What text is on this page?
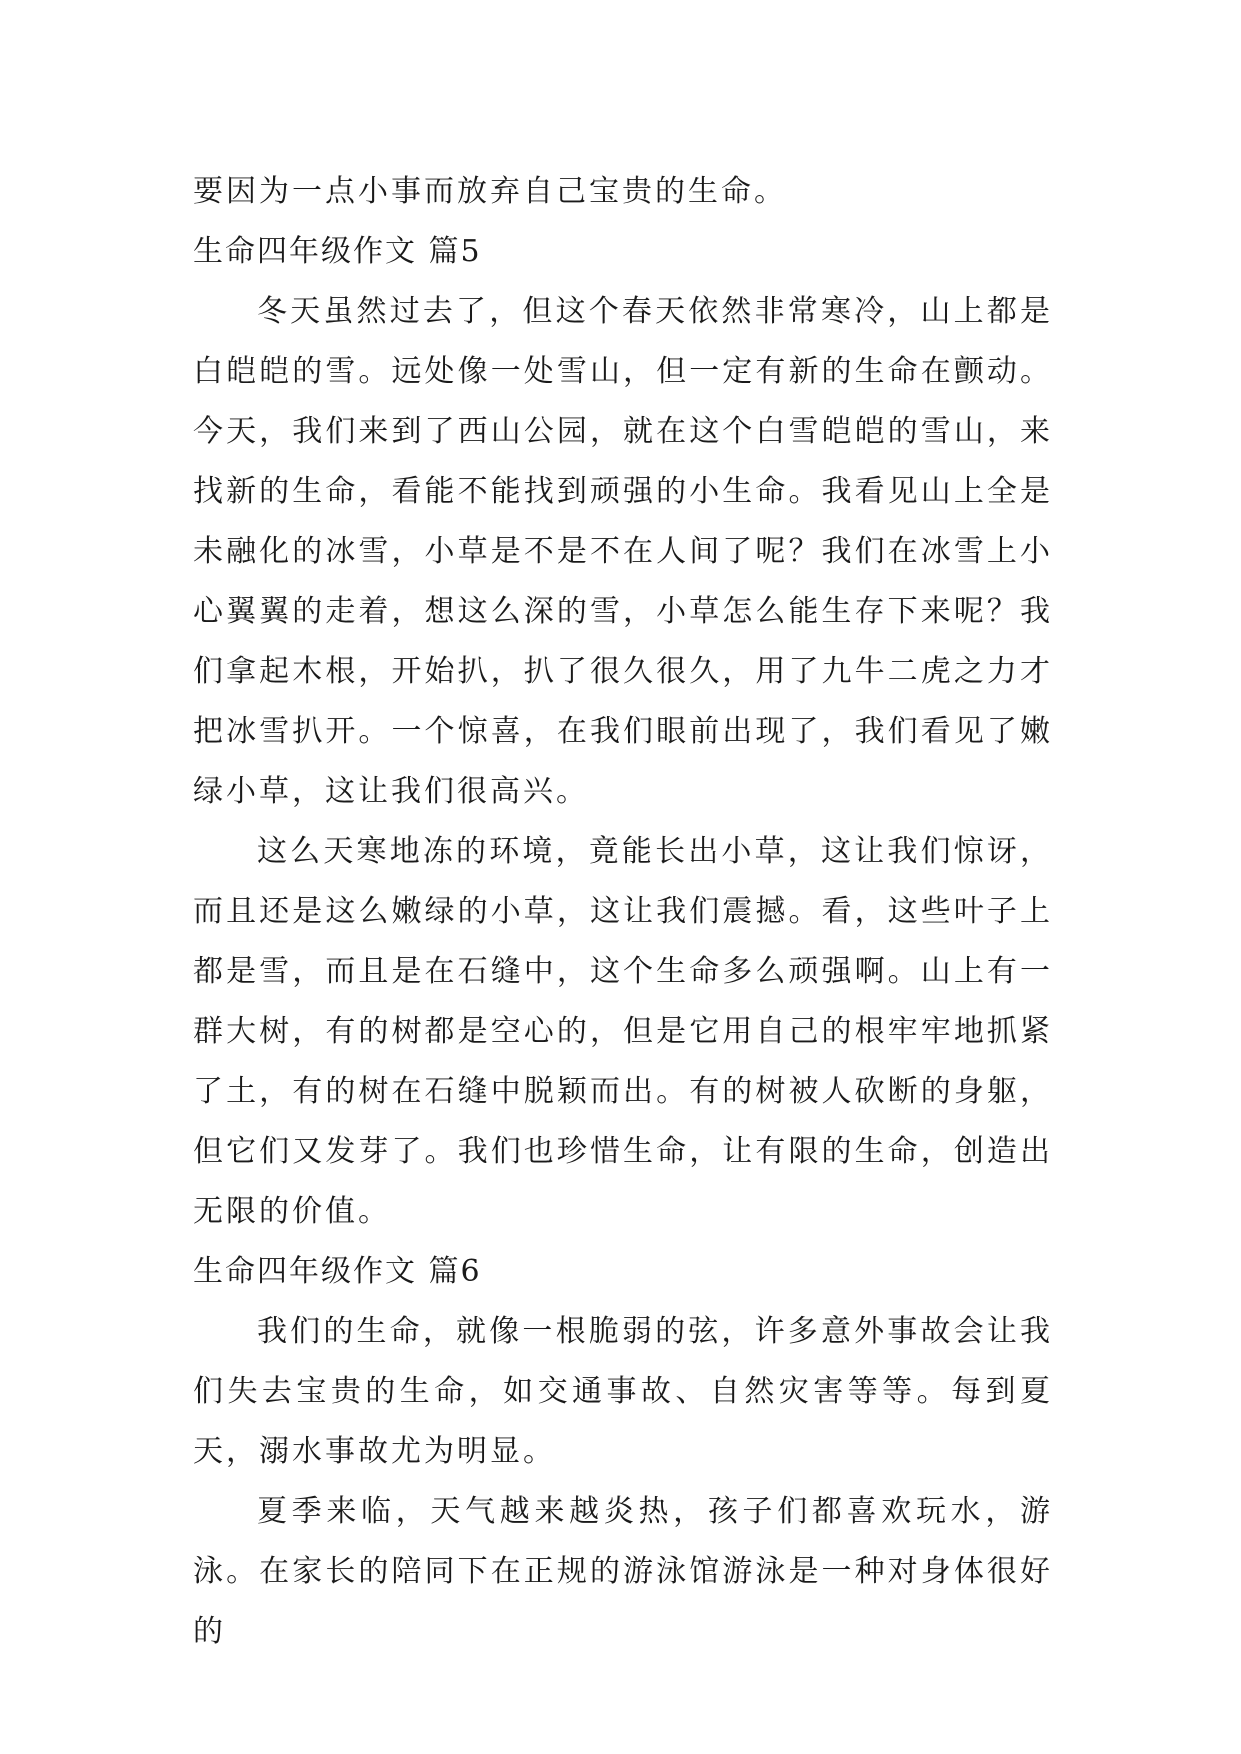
要因为一点小事而放弃自己宝贵的生命。

生命四年级作文 篇5

冬天虽然过去了，但这个春天依然非常寒冷，山上都是白皑皑的雪。远处像一处雪山，但一定有新的生命在颤动。今天，我们来到了西山公园，就在这个白雪皑皑的雪山，来找新的生命，看能不能找到顽强的小生命。我看见山上全是未融化的冰雪，小草是不是不在人间了呢？我们在冰雪上小心翼翼的走着，想这么深的雪，小草怎么能生存下来呢？我们拿起木根，开始扒，扒了很久很久，用了九牛二虎之力才把冰雪扒开。一个惊喜，在我们眼前出现了，我们看见了嫩绿小草，这让我们很高兴。

这么天寒地冻的环境，竟能长出小草，这让我们惊讶，而且还是这么嫩绿的小草，这让我们震撼。看，这些叶子上都是雪，而且是在石缝中，这个生命多么顽强啊。山上有一群大树，有的树都是空心的，但是它用自己的根牢牢地抓紧了土，有的树在石缝中脱颖而出。有的树被人砍断的身躯，但它们又发芽了。我们也珍惜生命，让有限的生命，创造出无限的价值。

生命四年级作文 篇6

我们的生命，就像一根脆弱的弦，许多意外事故会让我们失去宝贵的生命，如交通事故、自然灾害等等。每到夏天，溺水事故尤为明显。

夏季来临，天气越来越炎热，孩子们都喜欢玩水，游泳。在家长的陪同下在正规的游泳馆游泳是一种对身体很好的
